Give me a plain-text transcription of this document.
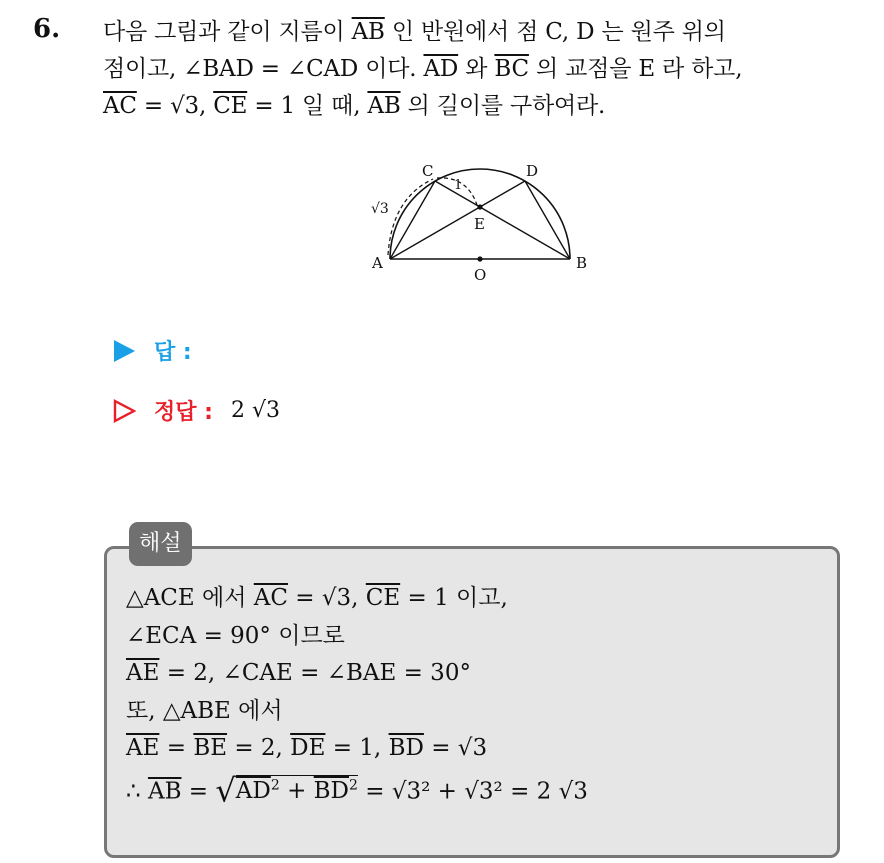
6. 다음 그림과 같이 지름이 $\overline{AB}$ 인 반원에서 점 C, D 는 원주 위의
점이고, ∠BAD = ∠CAD 이다. $\overline{AD}$ 와 $\overline{BC}$ 의 교점을 E 라 하고,
$\overline{AC} = √3$, $\overline{CE} = 1$ 일 때, $\overline{AB}$ 의 길이를 구하여라.
A	B
C	D
E
O
√3
1
답 :
정답 : 2 √3
해설
△ACE 에서 $\overline{AC} = √3$, $\overline{CE} = 1$ 이고,
∠ECA = 90° 이므로
$\overline{AE} = 2$, ∠CAE = ∠BAE = 30°
또, △ABE 에서
$\overline{AE} = \overline{BE} = 2$, $\overline{DE} = 1$, $\overline{BD} = √3$
∴ $\overline{AB} = √AD^2 + \overline{BD}^2 = √3^2 + √3^2 = 2$ √3
